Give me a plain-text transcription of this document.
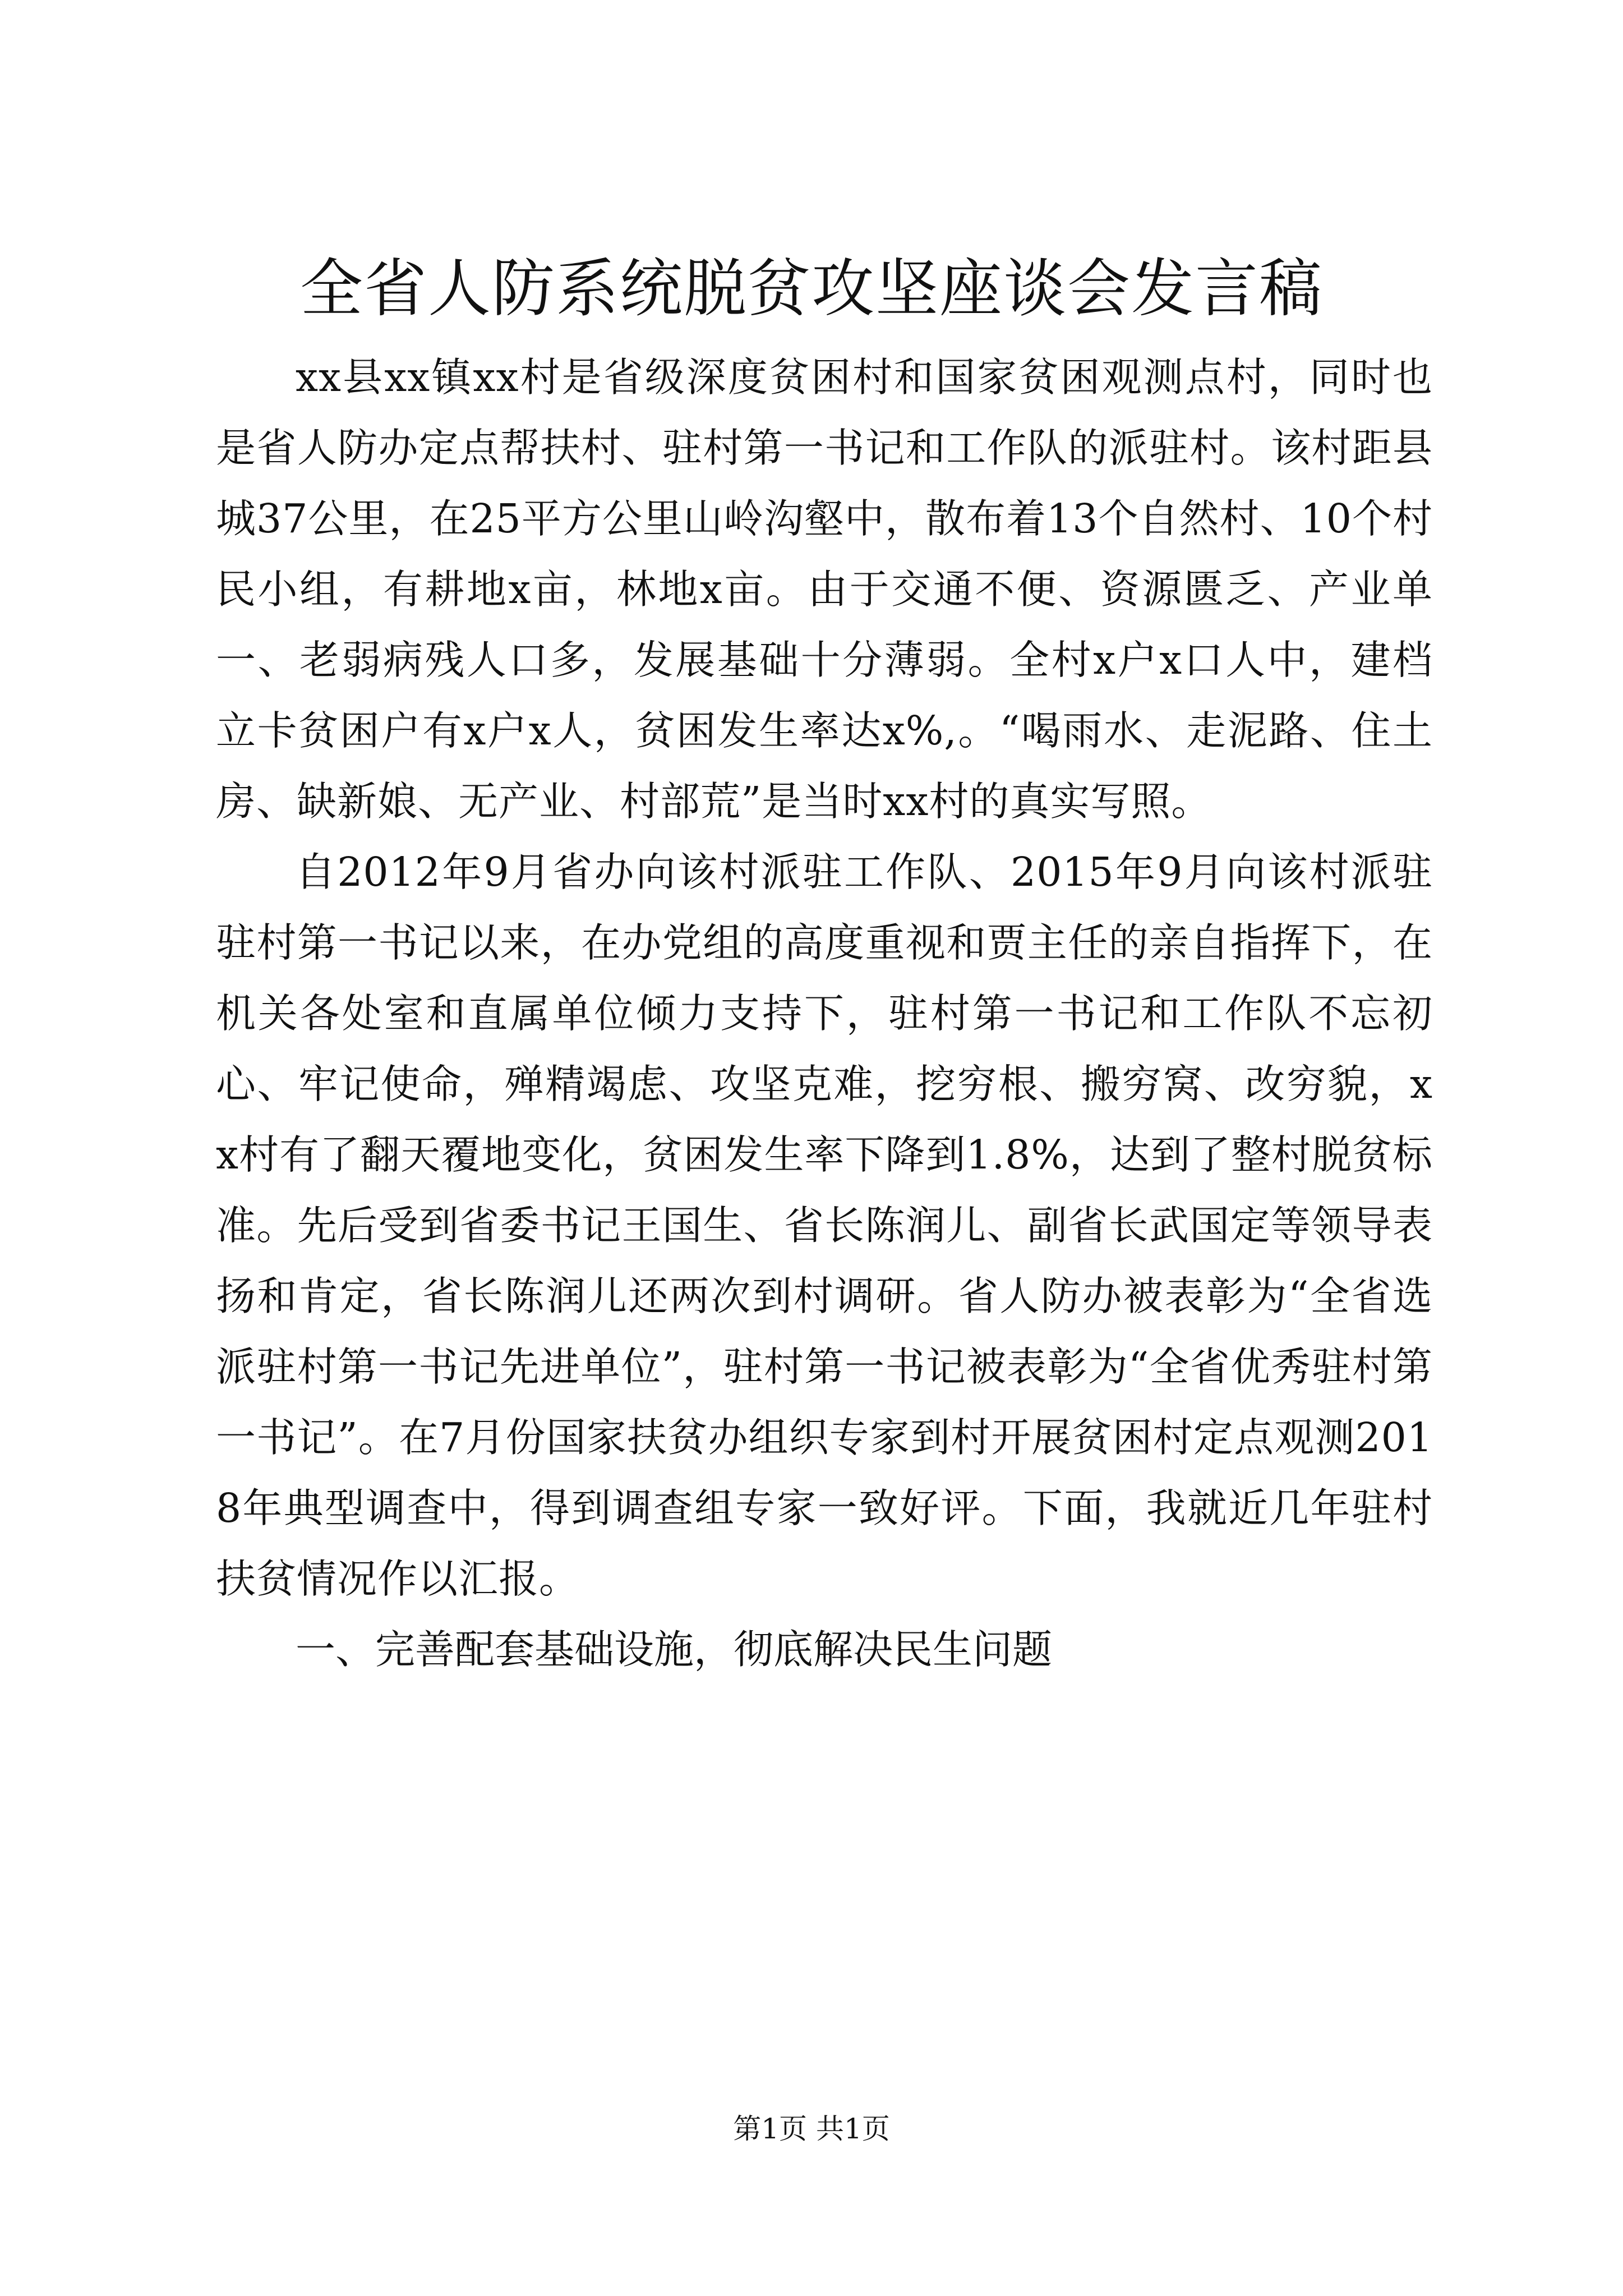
全省人防系统脱贫攻坚座谈会发言稿

xx县xx镇xx村是省级深度贫困村和国家贫困观测点村，同时也是省人防办定点帮扶村、驻村第一书记和工作队的派驻村。该村距县城37公里，在25平方公里山岭沟壑中，散布着13个自然村、10个村民小组，有耕地x亩，林地x亩。由于交通不便、资源匮乏、产业单一、老弱病残人口多，发展基础十分薄弱。全村x户x口人中，建档立卡贫困户有x户x人，贫困发生率达x%,。“喝雨水、走泥路、住土房、缺新娘、无产业、村部荒”是当时xx村的真实写照。

自2012年9月省办向该村派驻工作队、2015年9月向该村派驻驻村第一书记以来，在办党组的高度重视和贾主任的亲自指挥下，在机关各处室和直属单位倾力支持下，驻村第一书记和工作队不忘初心、牢记使命，殚精竭虑、攻坚克难，挖穷根、搬穷窝、改穷貌，xx村有了翻天覆地变化，贫困发生率下降到1.8%，达到了整村脱贫标准。先后受到省委书记王国生、省长陈润儿、副省长武国定等领导表扬和肯定，省长陈润儿还两次到村调研。省人防办被表彰为“全省选派驻村第一书记先进单位”，驻村第一书记被表彰为“全省优秀驻村第一书记”。在7月份国家扶贫办组织专家到村开展贫困村定点观测2018年典型调查中，得到调查组专家一致好评。下面，我就近几年驻村扶贫情况作以汇报。

一、完善配套基础设施，彻底解决民生问题

第1页 共1页
